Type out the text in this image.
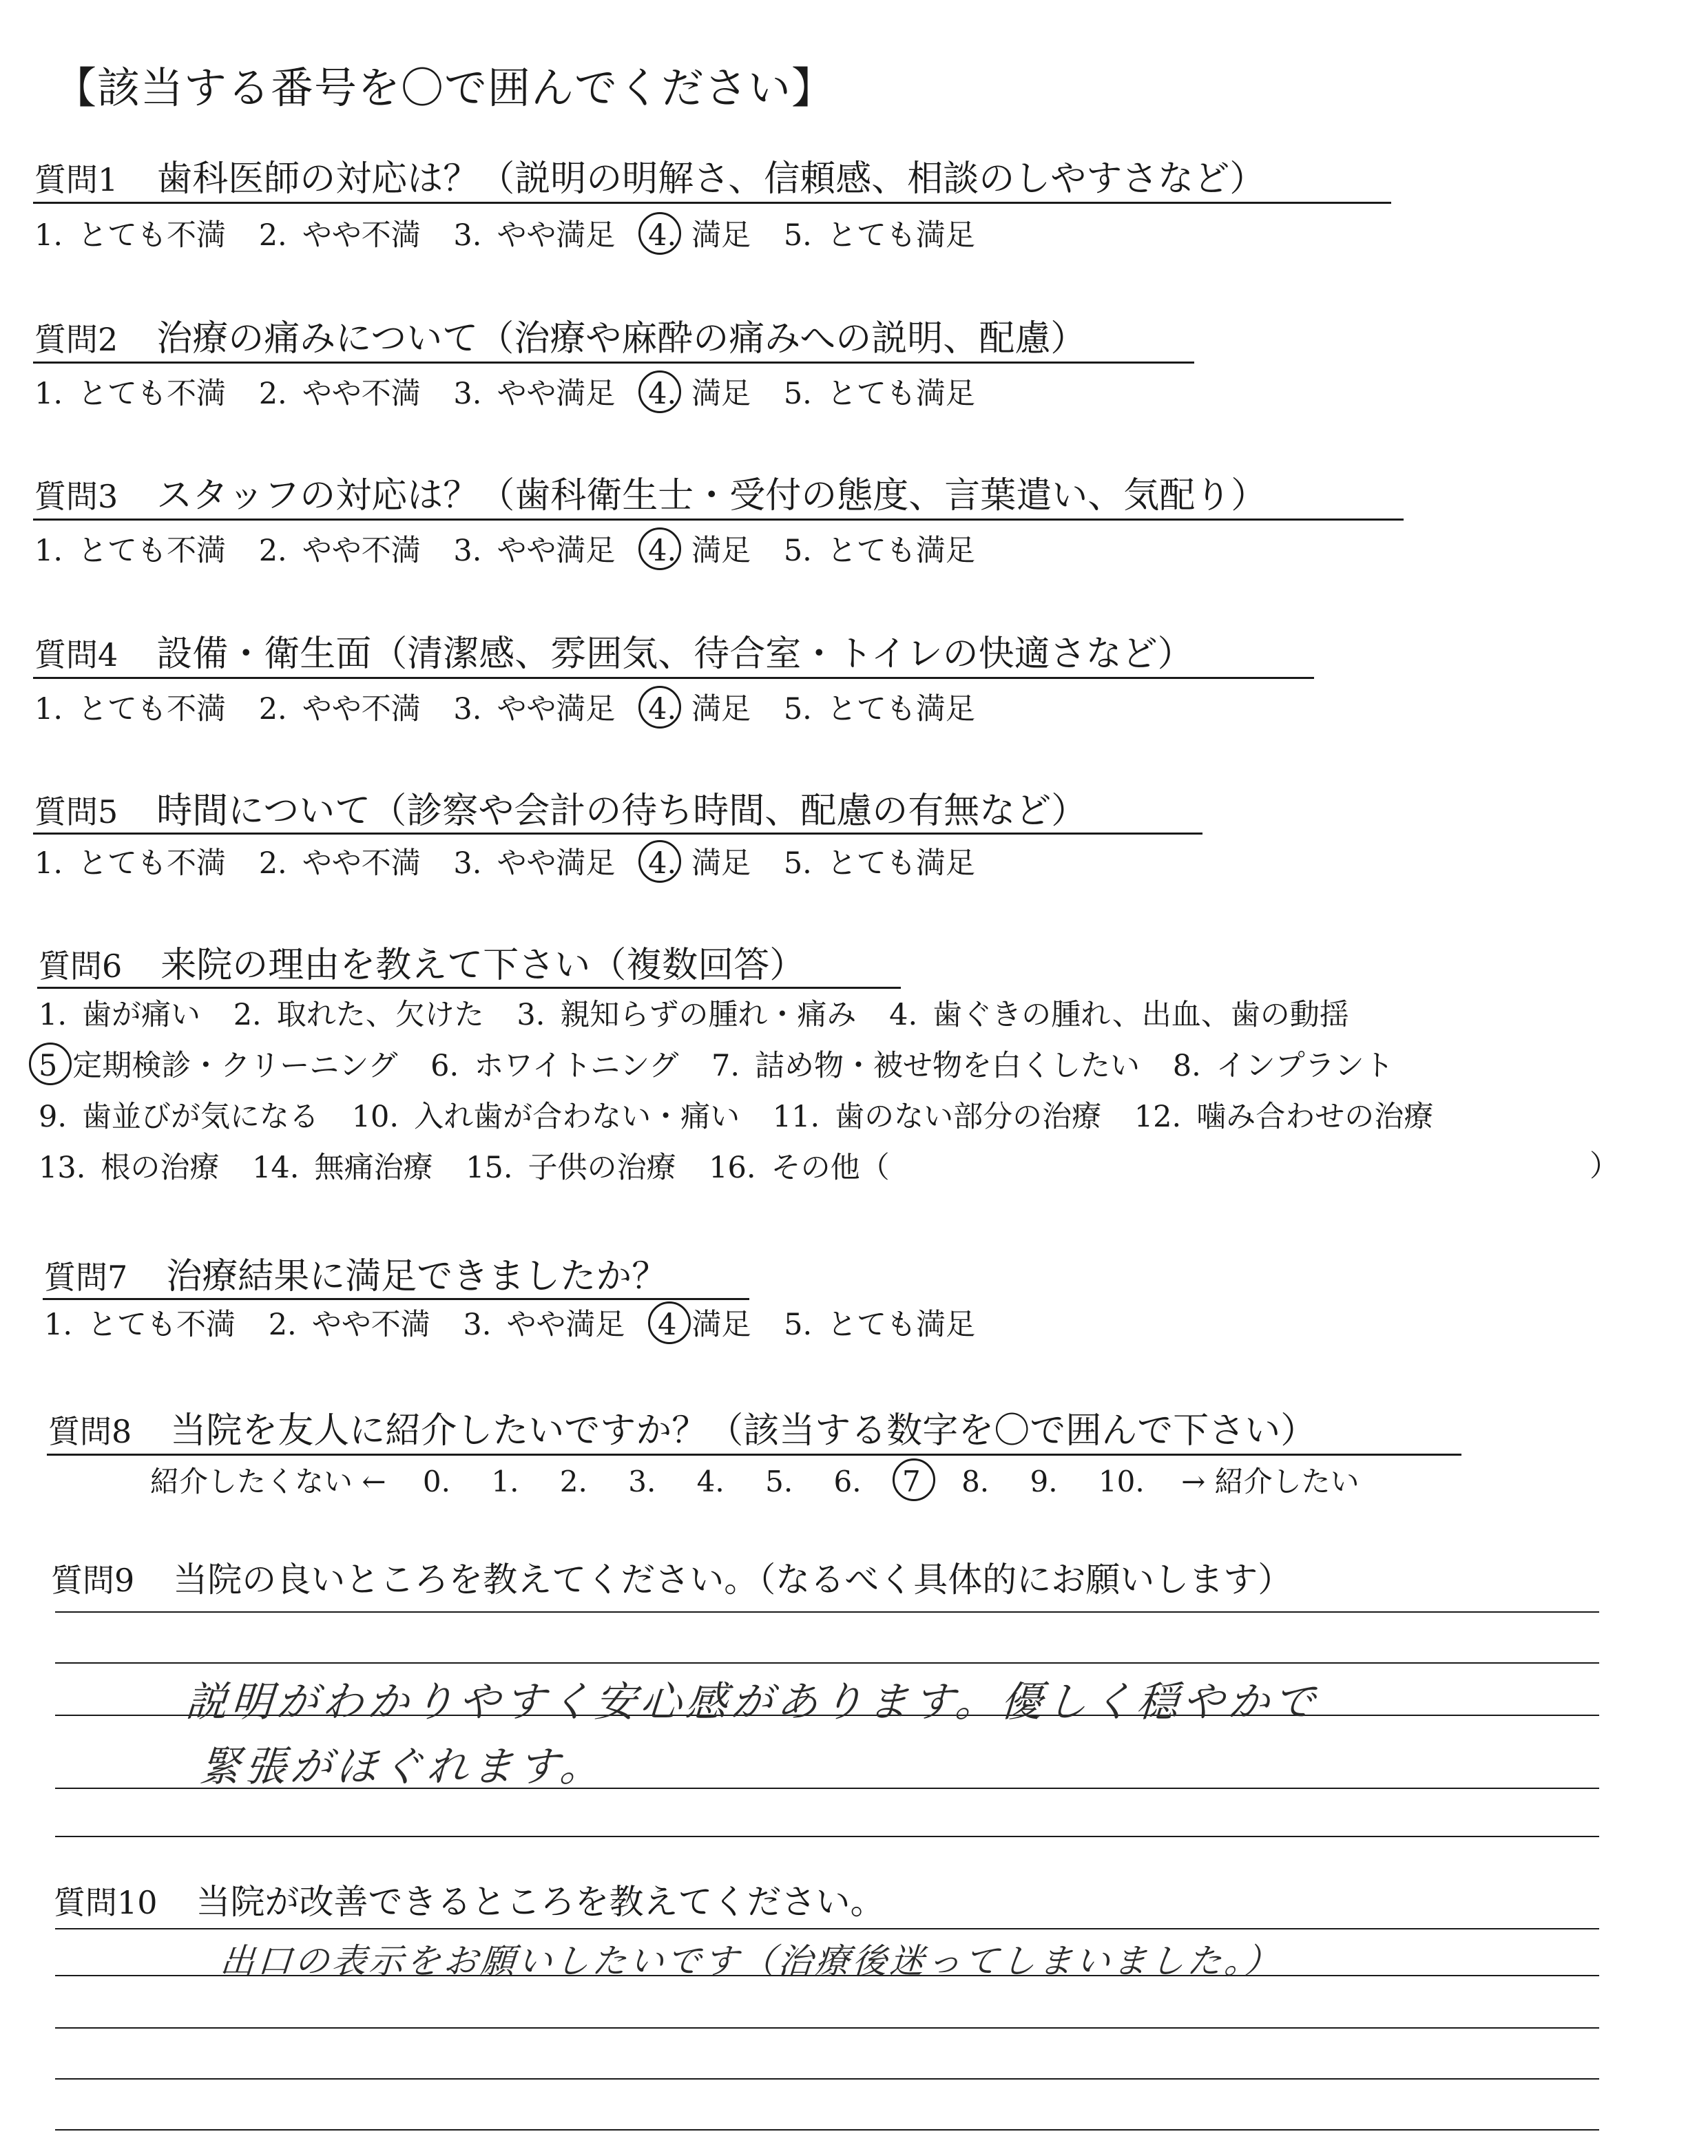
【該当する番号を〇で囲んでください】
質問1 歯科医師の対応は？（説明の明解さ、信頼感、相談のしやすさなど）
1. とても不満 2. やや不満 3. やや満足 4. 満足 5. とても満足
質問2 治療の痛みについて（治療や麻酔の痛みへの説明、配慮）
1. とても不満 2. やや不満 3. やや満足 4. 満足 5. とても満足
質問3 スタッフの対応は？（歯科衛生士・受付の態度、言葉遣い、気配り）
1. とても不満 2. やや不満 3. やや満足 4. 満足 5. とても満足
質問4 設備・衛生面（清潔感、雰囲気、待合室・トイレの快適さなど）
1. とても不満 2. やや不満 3. やや満足 4. 満足 5. とても満足
質問5 時間について（診察や会計の待ち時間、配慮の有無など）
1. とても不満 2. やや不満 3. やや満足 4. 満足 5. とても満足
質問6 来院の理由を教えて下さい（複数回答）
1. 歯が痛い 2. 取れた、欠けた 3. 親知らずの腫れ・痛み 4. 歯ぐきの腫れ、出血、歯の動揺
5 定期検診・クリーニング 6. ホワイトニング 7. 詰め物・被せ物を白くしたい 8. インプラント
9. 歯並びが気になる 10. 入れ歯が合わない・痛い 11. 歯のない部分の治療 12. 噛み合わせの治療
13. 根の治療 14. 無痛治療 15. 子供の治療 16. その他（	）
質問7 治療結果に満足できましたか？
1. とても不満 2. やや不満 3. やや満足 4 満足 5. とても満足
質問8 当院を友人に紹介したいですか？（該当する数字を〇で囲んで下さい）
紹介したくない ← 0. 1. 2. 3. 4. 5. 6. 7 8. 9. 10. → 紹介したい
質問9 当院の良いところを教えてください。（なるべく具体的にお願いします）
説明がわかりやすく安心感があります。優しく穏やかで
緊張がほぐれます。
質問10 当院が改善できるところを教えてください。
出口の表示をお願いしたいです（治療後迷ってしまいました。）
